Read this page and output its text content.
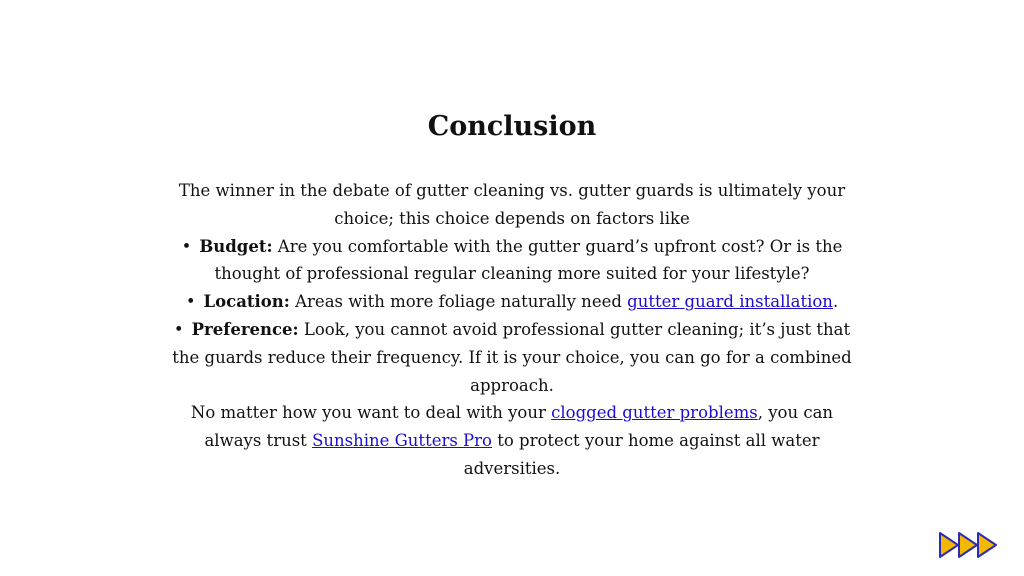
Conclusion

The winner in the debate of gutter cleaning vs. gutter guards is ultimately your choice; this choice depends on factors like

• Budget: Are you comfortable with the gutter guard’s upfront cost? Or is the thought of professional regular cleaning more suited for your lifestyle?
• Location: Areas with more foliage naturally need gutter guard installation.
• Preference: Look, you cannot avoid professional gutter cleaning; it’s just that the guards reduce their frequency. If it is your choice, you can go for a combined approach.

No matter how you want to deal with your clogged gutter problems, you can always trust Sunshine Gutters Pro to protect your home against all water adversities.
